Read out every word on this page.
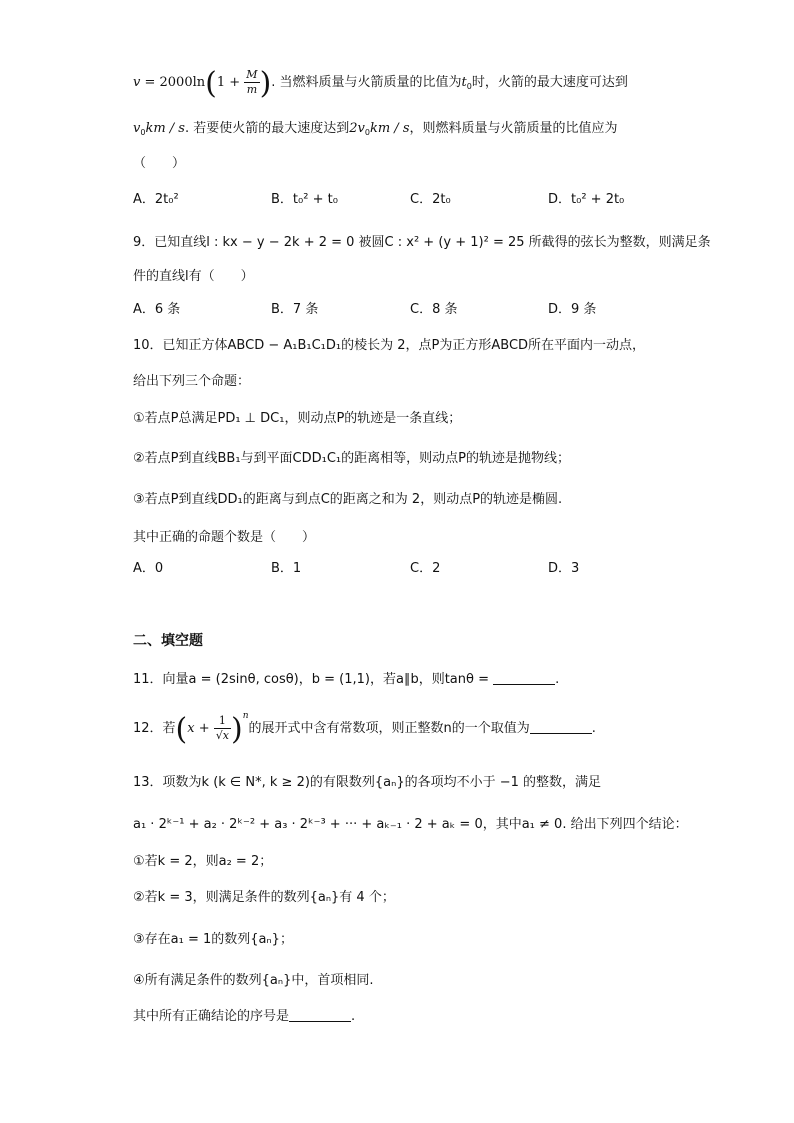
$v = 2000\ln(1 + \frac{M}{m}$ ). 当燃料质量与火箭质量的比值为$t_0$时，火箭的最大速度可达到
$v_0km$ / s. 若要使火箭的最大速度达到$2v_0km$ / s，则燃料质量与火箭质量的比值应为
（　　）
A．2t₀²	B．t₀² + t₀	C．2t₀	D．t₀² + 2t₀
9．已知直线l : kx − y − 2k + 2 = 0 被圆C : x² + (y + 1)² = 25 所截得的弦长为整数，则满足条
件的直线l有（　　）
A．6 条	B．7 条	C．8 条	D．9 条
10．已知正方体ABCD − A₁B₁C₁D₁的棱长为 2，点P为正方形ABCD所在平面内一动点，
给出下列三个命题：
①若点P总满足PD₁ ⊥ DC₁，则动点P的轨迹是一条直线；
②若点P到直线BB₁与到平面CDD₁C₁的距离相等，则动点P的轨迹是抛物线；
③若点P到直线DD₁的距离与到点C的距离之和为 2，则动点P的轨迹是椭圆.
其中正确的命题个数是（　　）
A．0	B．1	C．2	D．3
二、填空题
11．向量a = (2sinθ, cosθ)，b = (1,1)，若a∥b，则tanθ =	.
12．若$(x + \frac{1}{√x} )^n$的展开式中含有常数项，则正整数n的一个取值为	.
13．项数为k (k ∈ N*, k ≥ 2)的有限数列{aₙ}的各项均不小于 −1 的整数，满足
a₁ · 2ᵏ⁻¹ + a₂ · 2ᵏ⁻² + a₃ · 2ᵏ⁻³ + ··· + aₖ₋₁ · 2 + aₖ = 0，其中a₁ ≠ 0. 给出下列四个结论：
①若k = 2，则a₂ = 2；
②若k = 3，则满足条件的数列{aₙ}有 4 个；
③存在a₁ = 1的数列{aₙ}；
④所有满足条件的数列{aₙ}中，首项相同.
其中所有正确结论的序号是	.
